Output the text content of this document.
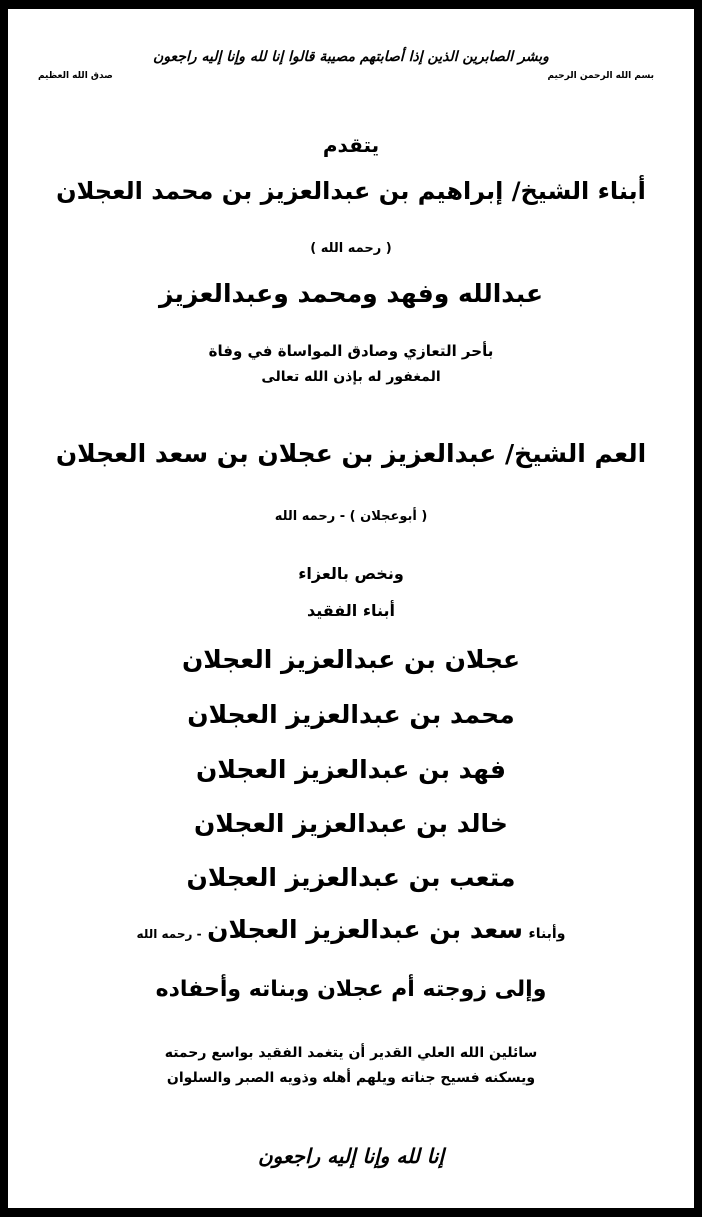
بسم الله الرحمن الرحيم
وبشر الصابرين الذين إذا أصابتهم مصيبة قالوا إنا لله وإنا إليه راجعون
صدق الله العظيم
يتقدم
أبناء الشيخ/ إبراهيم بن عبدالعزيز بن محمد العجلان
( رحمه الله )
عبدالله وفهد ومحمد وعبدالعزيز
بأحر التعازي وصادق المواساة في وفاة
المغفور له بإذن الله تعالى
العم الشيخ/ عبدالعزيز بن عجلان بن سعد العجلان
( أبوعجلان ) - رحمه الله
ونخص بالعزاء
أبناء الفقيد
عجلان بن عبدالعزيز العجلان
محمد بن عبدالعزيز العجلان
فهد بن عبدالعزيز العجلان
خالد بن عبدالعزيز العجلان
متعب بن عبدالعزيز العجلان
وأبناء سعد بن عبدالعزيز العجلان - رحمه الله
وإلى زوجته أم عجلان وبناته وأحفاده
سائلين الله العلي القدير أن يتغمد الفقيد بواسع رحمته
ويسكنه فسيح جناته ويلهم أهله وذويه الصبر والسلوان
إنا لله وإنا إليه راجعون
